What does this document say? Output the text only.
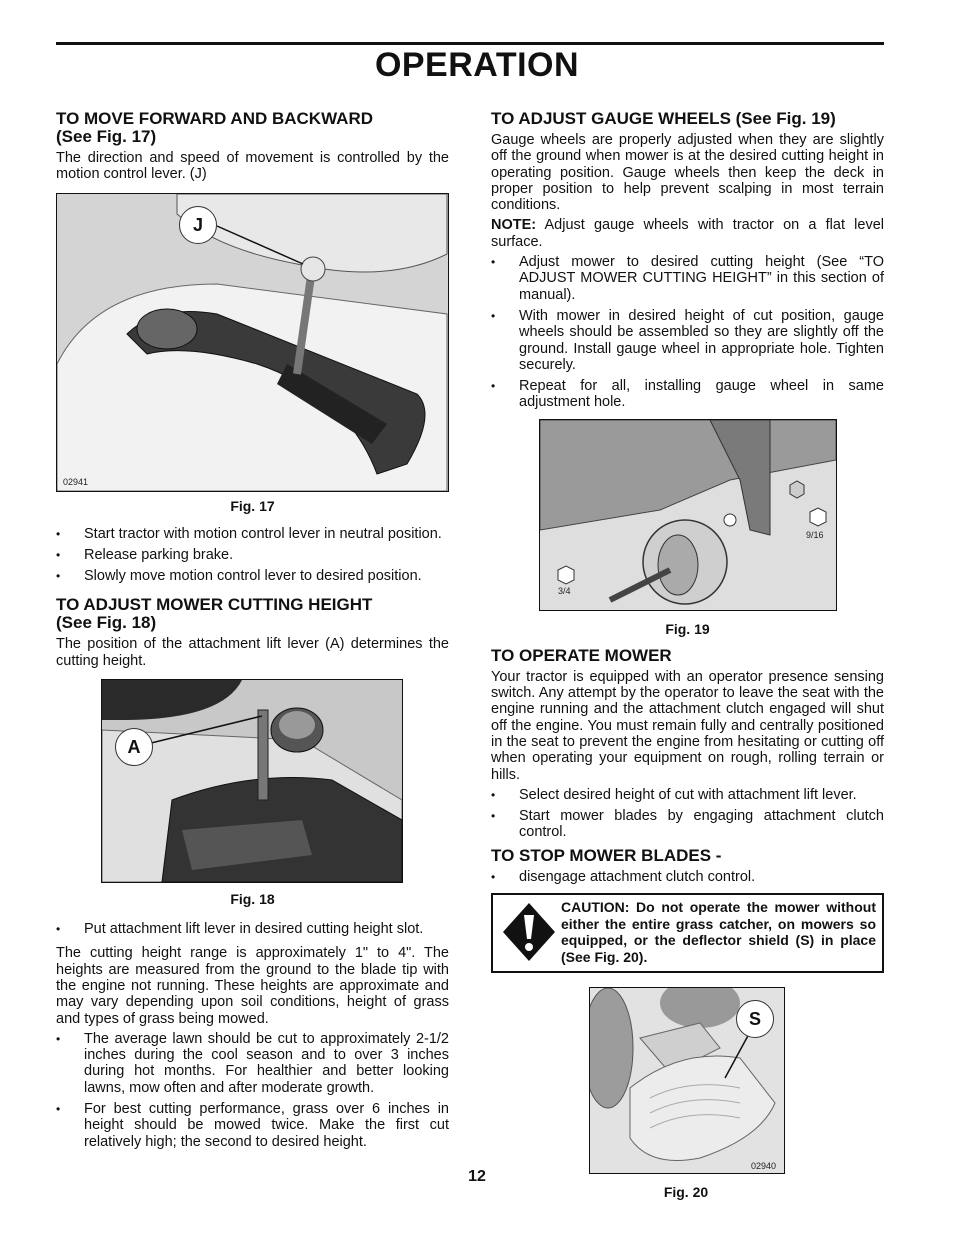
OPERATION
TO MOVE FORWARD AND BACKWARD
(See Fig. 17)

The direction and speed of movement is controlled by the motion control lever. (J)

J
02941
Fig. 17
• Start tractor with motion control lever in neutral position.
• Release parking brake.
• Slowly move motion control lever to desired position.
TO ADJUST MOWER CUTTING HEIGHT
(See Fig. 18)

The position of the attachment lift lever (A) determines the cutting height.

A
Fig. 18
• Put attachment lift lever in desired cutting height slot.

The cutting height range is approximately 1" to 4". The heights are measured from the ground to the blade tip with the engine not running. These heights are approximate and may vary depending upon soil conditions, height of grass and types of grass being mowed.

• The average lawn should be cut to approximately 2-1/2 inches during the cool season and to over 3 inches during hot months. For healthier and better looking lawns, mow often and after moderate growth.
• For best cutting performance, grass over 6 inches in height should be mowed twice. Make the first cut relatively high; the second to desired height.
TO ADJUST GAUGE WHEELS (See Fig. 19)

Gauge wheels are properly adjusted when they are slightly off the ground when mower is at the desired cutting height in operating position. Gauge wheels then keep the deck in proper position to help prevent scalping in most terrain conditions.

NOTE: Adjust gauge wheels with tractor on a flat level surface.

• Adjust mower to desired cutting height (See “TO ADJUST MOWER CUTTING HEIGHT” in this section of manual).
• With mower in desired height of cut position, gauge wheels should be assembled so they are slightly off the ground. Install gauge wheel in appropriate hole. Tighten securely.
• Repeat for all, installing gauge wheel in same adjustment hole.
9/16
3/4
Fig. 19
TO OPERATE MOWER

Your tractor is equipped with an operator presence sensing switch. Any attempt by the operator to leave the seat with the engine running and the attachment clutch engaged will shut off the engine. You must remain fully and centrally positioned in the seat to prevent the engine from hesitating or cutting off when operating your equipment on rough, rolling terrain or hills.

• Select desired height of cut with attachment lift lever.
• Start mower blades by engaging attachment clutch control.
TO STOP MOWER BLADES -
• disengage attachment clutch control.
CAUTION: Do not operate the mower without either the entire grass catcher, on mowers so equipped, or the deflector shield (S) in place (See Fig. 20).
S
02940
Fig. 20
12
